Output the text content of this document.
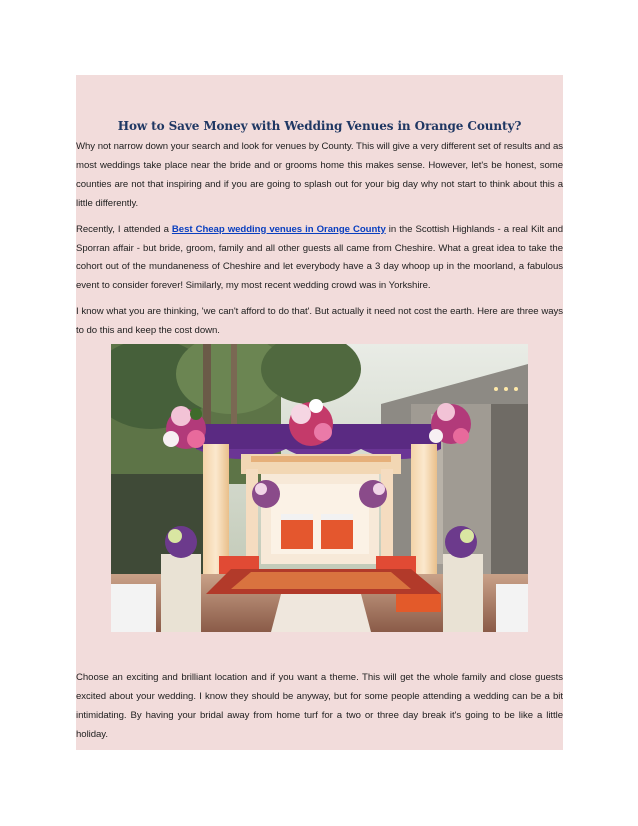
How to Save Money with Wedding Venues in Orange County?

Why not narrow down your search and look for venues by County. This will give a very different set of results and as most weddings take place near the bride and or grooms home this makes sense. However, let's be honest, some counties are not that inspiring and if you are going to splash out for your big day why not start to think about this a little differently.

Recently, I attended a Best Cheap wedding venues in Orange County in the Scottish Highlands - a real Kilt and Sporran affair - but bride, groom, family and all other guests all came from Cheshire. What a great idea to take the cohort out of the mundaneness of Cheshire and let everybody have a 3 day whoop up in the moorland, a fabulous event to consider forever! Similarly, my most recent wedding crowd was in Yorkshire.

I know what you are thinking, 'we can't afford to do that'. But actually it need not cost the earth. Here are three ways to do this and keep the cost down.

Choose an exciting and brilliant location and if you want a theme. This will get the whole family and close guests excited about your wedding. I know they should be anyway, but for some people attending a wedding can be a bit intimidating. By having your bridal away from home turf for a two or three day break it's going to be like a little holiday.
